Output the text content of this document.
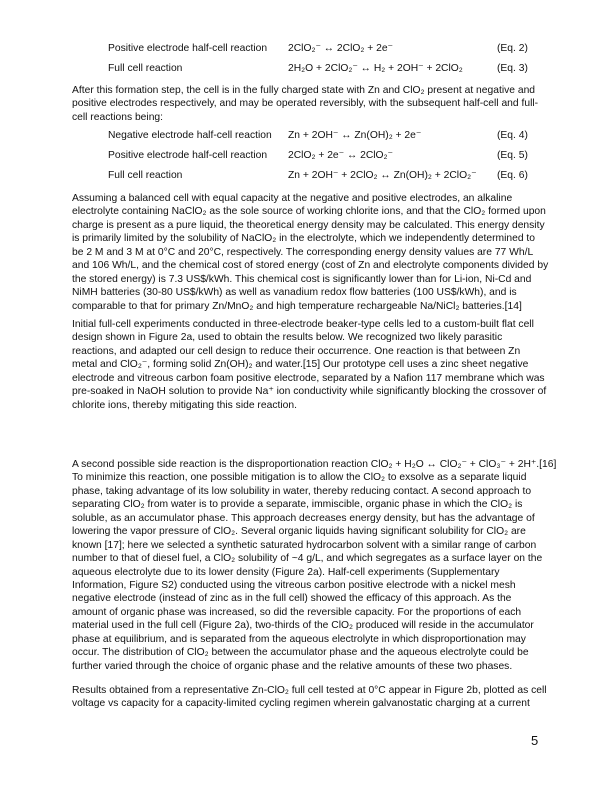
Positive electrode half-cell reaction 2ClO₂⁻ ↔ 2ClO₂ + 2e⁻	(Eq. 2)
Full cell reaction	2H₂O + 2ClO₂⁻ ↔ H₂ + 2OH⁻ + 2ClO₂	(Eq. 3)
After this formation step, the cell is in the fully charged state with Zn and ClO₂ present at negative and
positive electrodes respectively, and may be operated reversibly, with the subsequent half-cell and full-
cell reactions being:
Negative electrode half-cell reaction Zn + 2OH⁻ ↔ Zn(OH)₂ + 2e⁻	(Eq. 4)
Positive electrode half-cell reaction 2ClO₂ + 2e⁻ ↔ 2ClO₂⁻	(Eq. 5)
Full cell reaction	Zn + 2OH⁻ + 2ClO₂ ↔ Zn(OH)₂ + 2ClO₂⁻ (Eq. 6)
Assuming a balanced cell with equal capacity at the negative and positive electrodes, an alkaline
electrolyte containing NaClO₂ as the sole source of working chlorite ions, and that the ClO₂ formed upon
charge is present as a pure liquid, the theoretical energy density may be calculated. This energy density
is primarily limited by the solubility of NaClO₂ in the electrolyte, which we independently determined to
be 2 M and 3 M at 0°C and 20°C, respectively. The corresponding energy density values are 77 Wh/L
and 106 Wh/L, and the chemical cost of stored energy (cost of Zn and electrolyte components divided by
the stored energy) is 7.3 US$/kWh. This chemical cost is significantly lower than for Li-ion, Ni-Cd and
NiMH batteries (30-80 US$/kWh) as well as vanadium redox flow batteries (100 US$/kWh), and is
comparable to that for primary Zn/MnO₂ and high temperature rechargeable Na/NiCl₂ batteries.[14]
Initial full-cell experiments conducted in three-electrode beaker-type cells led to a custom-built flat cell
design shown in Figure 2a, used to obtain the results below. We recognized two likely parasitic
reactions, and adapted our cell design to reduce their occurrence. One reaction is that between Zn
metal and ClO₂⁻, forming solid Zn(OH)₂ and water.[15] Our prototype cell uses a zinc sheet negative
electrode and vitreous carbon foam positive electrode, separated by a Nafion 117 membrane which was
pre-soaked in NaOH solution to provide Na⁺ ion conductivity while significantly blocking the crossover of
chlorite ions, thereby mitigating this side reaction.
A second possible side reaction is the disproportionation reaction ClO₂ + H₂O ↔ ClO₂⁻ + ClO₃⁻ + 2H⁺.[16]
To minimize this reaction, one possible mitigation is to allow the ClO₂ to exsolve as a separate liquid
phase, taking advantage of its low solubility in water, thereby reducing contact. A second approach to
separating ClO₂ from water is to provide a separate, immiscible, organic phase in which the ClO₂ is
soluble, as an accumulator phase. This approach decreases energy density, but has the advantage of
lowering the vapor pressure of ClO₂. Several organic liquids having significant solubility for ClO₂ are
known [17]; here we selected a synthetic saturated hydrocarbon solvent with a similar range of carbon
number to that of diesel fuel, a ClO₂ solubility of ~4 g/L, and which segregates as a surface layer on the
aqueous electrolyte due to its lower density (Figure 2a). Half-cell experiments (Supplementary
Information, Figure S2) conducted using the vitreous carbon positive electrode with a nickel mesh
negative electrode (instead of zinc as in the full cell) showed the efficacy of this approach. As the
amount of organic phase was increased, so did the reversible capacity. For the proportions of each
material used in the full cell (Figure 2a), two-thirds of the ClO₂ produced will reside in the accumulator
phase at equilibrium, and is separated from the aqueous electrolyte in which disproportionation may
occur. The distribution of ClO₂ between the accumulator phase and the aqueous electrolyte could be
further varied through the choice of organic phase and the relative amounts of these two phases.
Results obtained from a representative Zn-ClO₂ full cell tested at 0°C appear in Figure 2b, plotted as cell
voltage vs capacity for a capacity-limited cycling regimen wherein galvanostatic charging at a current
5
